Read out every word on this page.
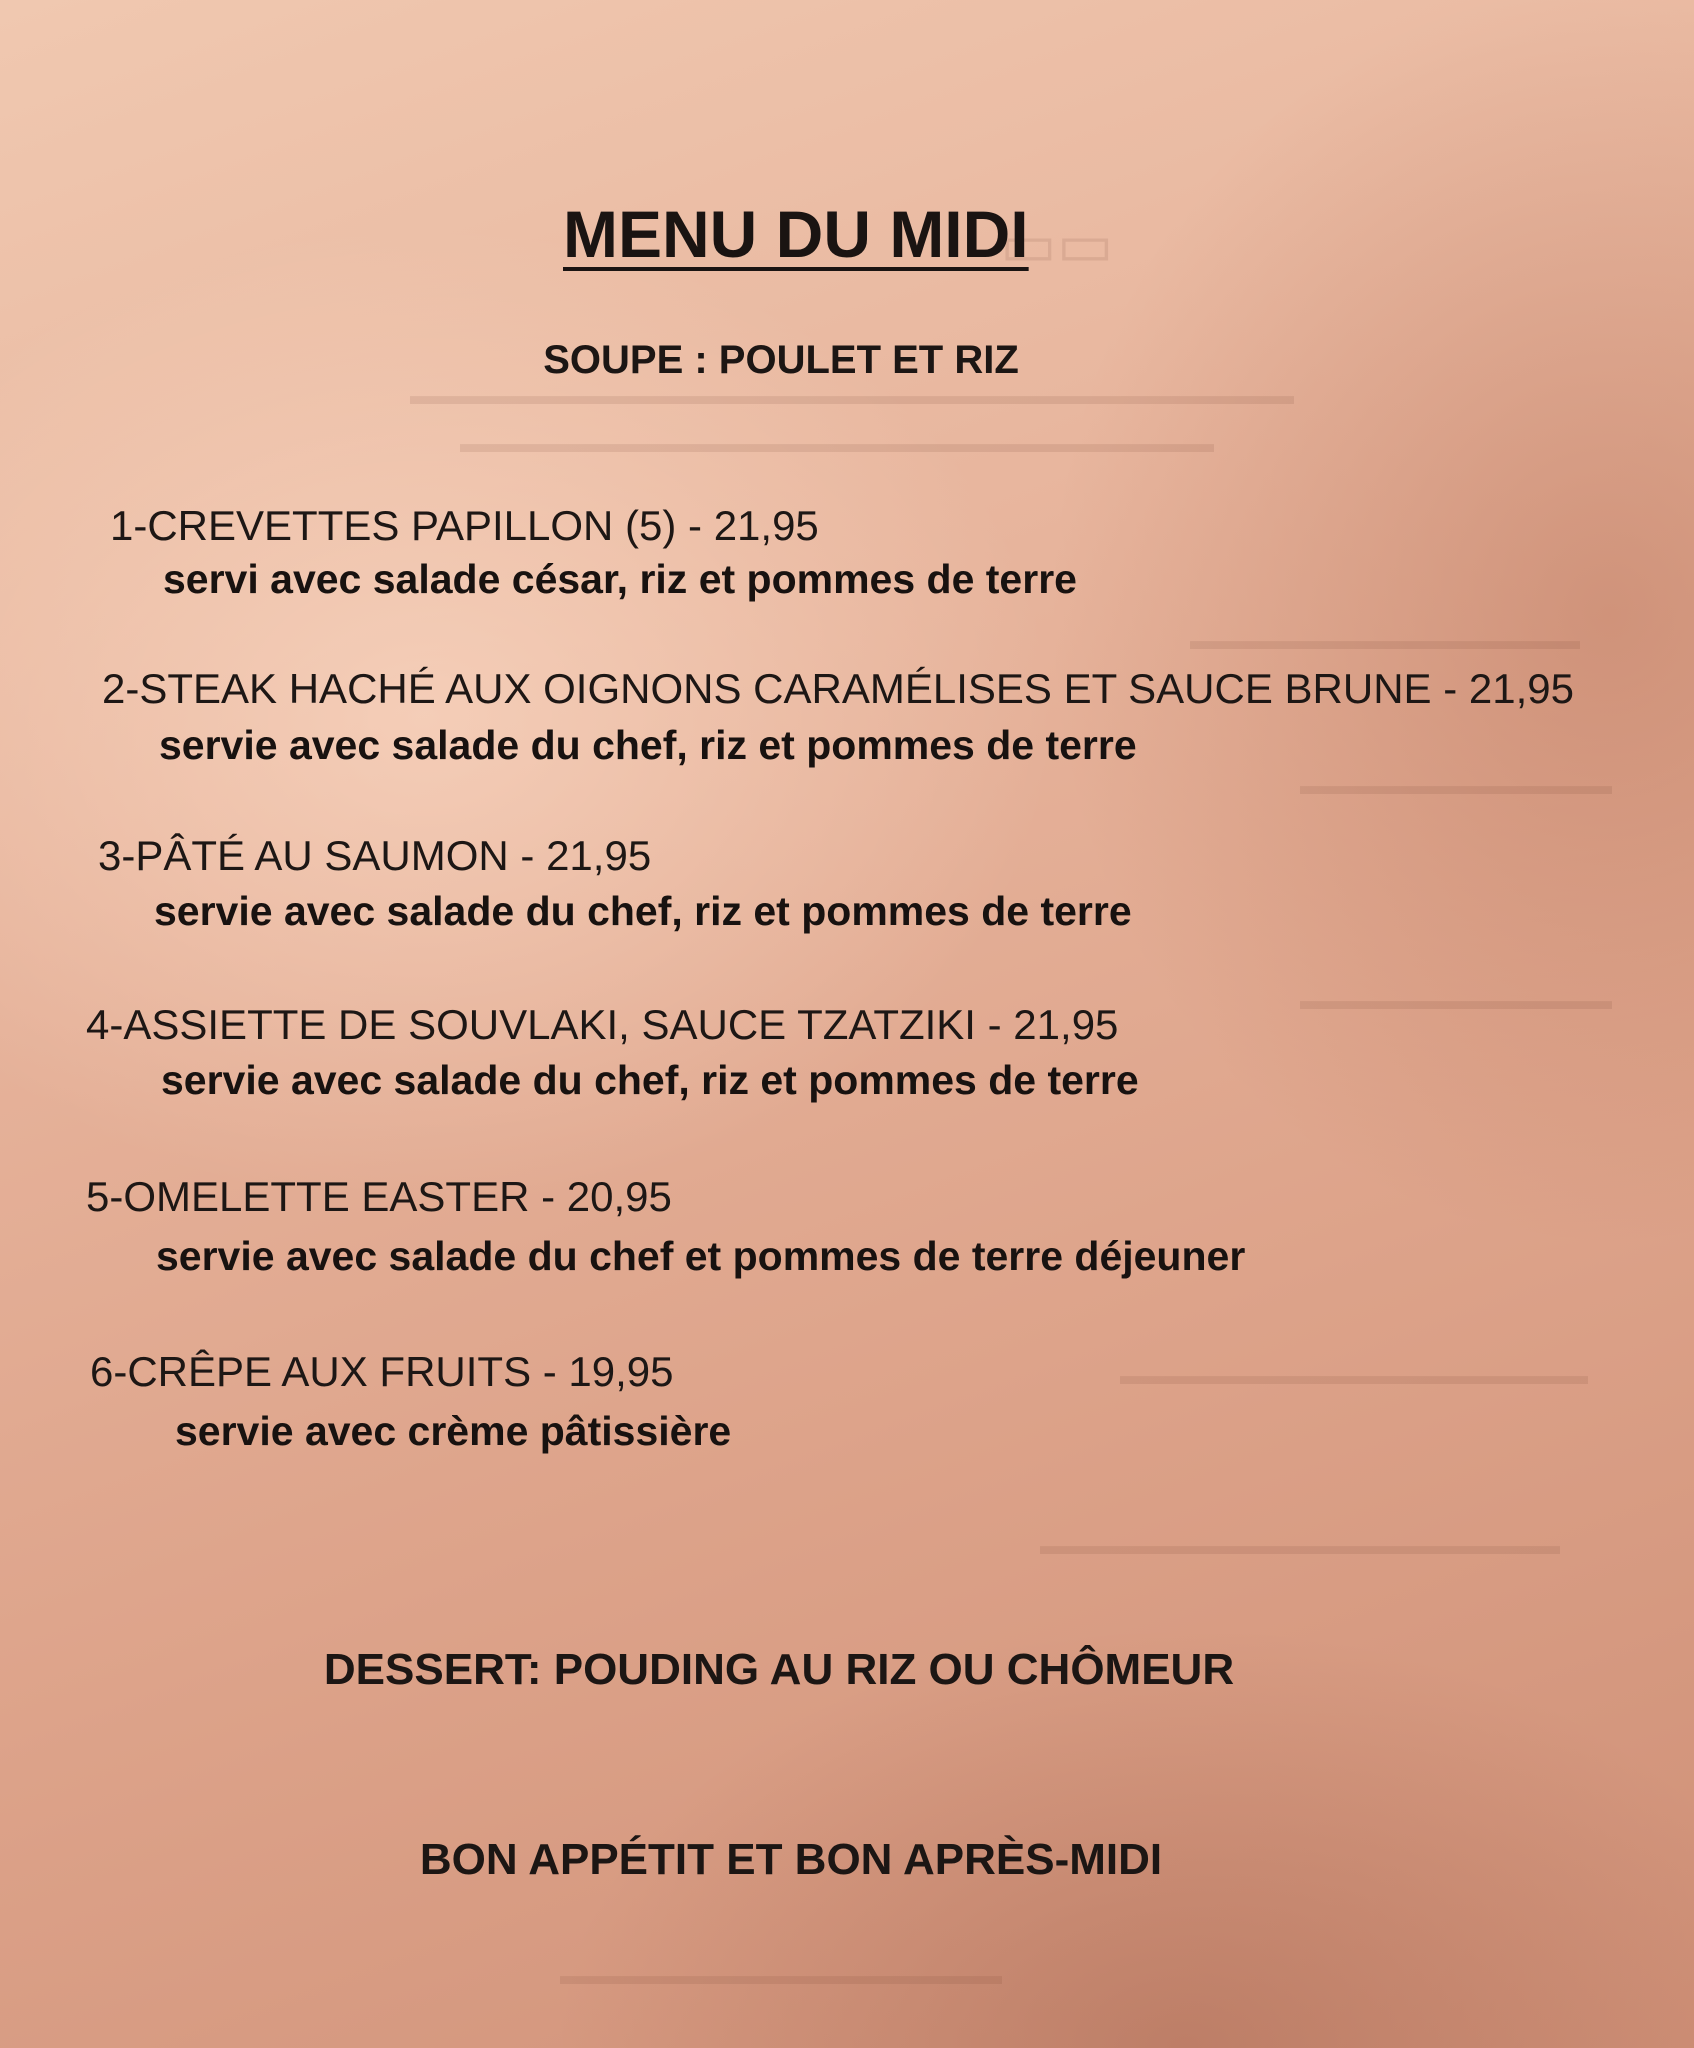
▭▭
▬▬▬▬▬▬▬▬▬▬▬▬▬▬▬▬▬▬▬▬▬▬▬▬▬▬▬▬▬▬▬▬▬▬
▬▬▬▬▬▬▬▬▬▬▬▬▬▬▬▬▬▬▬▬▬▬▬▬▬▬▬▬▬
▬▬▬▬▬▬▬▬▬▬▬▬▬▬▬
▬▬▬▬▬▬▬▬▬▬▬▬
▬▬▬▬▬▬▬▬▬▬▬▬
▬▬▬▬▬▬▬▬▬▬▬▬▬▬▬▬▬▬
▬▬▬▬▬▬▬▬▬▬▬▬▬▬▬▬▬▬▬▬
▬▬▬▬▬▬▬▬▬▬▬▬▬▬▬▬▬
MENU DU MIDI
SOUPE : POULET ET RIZ
1-CREVETTES PAPILLON (5) - 21,95
servi avec salade césar, riz et pommes de terre
2-STEAK HACHÉ AUX OIGNONS CARAMÉLISES ET SAUCE BRUNE - 21,95
servie avec salade du chef, riz et pommes de terre
3-PÂTÉ AU SAUMON - 21,95
servie avec salade du chef, riz et pommes de terre
4-ASSIETTE DE SOUVLAKI, SAUCE TZATZIKI - 21,95
servie avec salade du chef, riz et pommes de terre
5-OMELETTE EASTER - 20,95
servie avec salade du chef et pommes de terre déjeuner
6-CRÊPE AUX FRUITS - 19,95
servie avec crème pâtissière
DESSERT: POUDING AU RIZ OU CHÔMEUR
BON APPÉTIT ET BON APRÈS-MIDI
